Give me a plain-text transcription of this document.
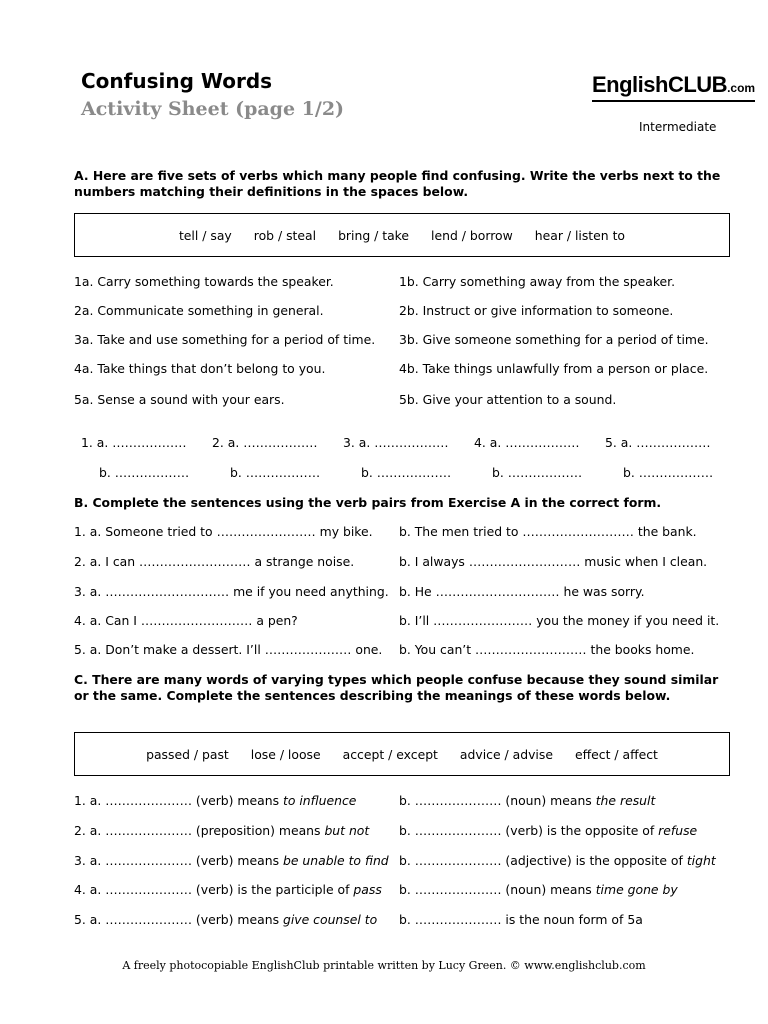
Confusing Words
Activity Sheet (page 1/2)
EnglishCLUB.com
Intermediate
A. Here are five sets of verbs which many people find confusing. Write the verbs next to the numbers matching their definitions in the spaces below.
tell / say rob / steal bring / take lend / borrow hear / listen to
1a. Carry something towards the speaker.	1b. Carry something away from the speaker.
2a. Communicate something in general.	2b. Instruct or give information to someone.
3a. Take and use something for a period of time. 3b. Give someone something for a period of time.
4a. Take things that don’t belong to you.	4b. Take things unlawfully from a person or place.
5a. Sense a sound with your ears.	5b. Give your attention to a sound.
1. a. ……………… 2. a. ……………… 3. a. ……………… 4. a. ……………… 5. a. ………………
b. ………………	b. ………………	b. ………………	b. ………………	b. ………………
B. Complete the sentences using the verb pairs from Exercise A in the correct form.
1. a. Someone tried to …………………… my bike. b. The men tried to ……………………… the bank.
2. a. I can ……………………… a strange noise.	b. I always ……………………… music when I clean.
3. a. ………………………… me if you need anything. b. He ………………………… he was sorry.
4. a. Can I ……………………… a pen?	b. I’ll …………………… you the money if you need it.
5. a. Don’t make a dessert. I’ll ………………… one. b. You can’t ……………………… the books home.
C. There are many words of varying types which people confuse because they sound similar or the same. Complete the sentences describing the meanings of these words below.
passed / past lose / loose accept / except advice / advise effect / affect
1. a. ………………… (verb) means to influence	b. ………………… (noun) means the result
2. a. ………………… (preposition) means but not b. ………………… (verb) is the opposite of refuse
3. a. ………………… (verb) means be unable to find b. ………………… (adjective) is the opposite of tight
4. a. ………………… (verb) is the participle of pass b. ………………… (noun) means time gone by
5. a. ………………… (verb) means give counsel to b. ………………… is the noun form of 5a
A freely photocopiable EnglishClub printable written by Lucy Green. © www.englishclub.com
